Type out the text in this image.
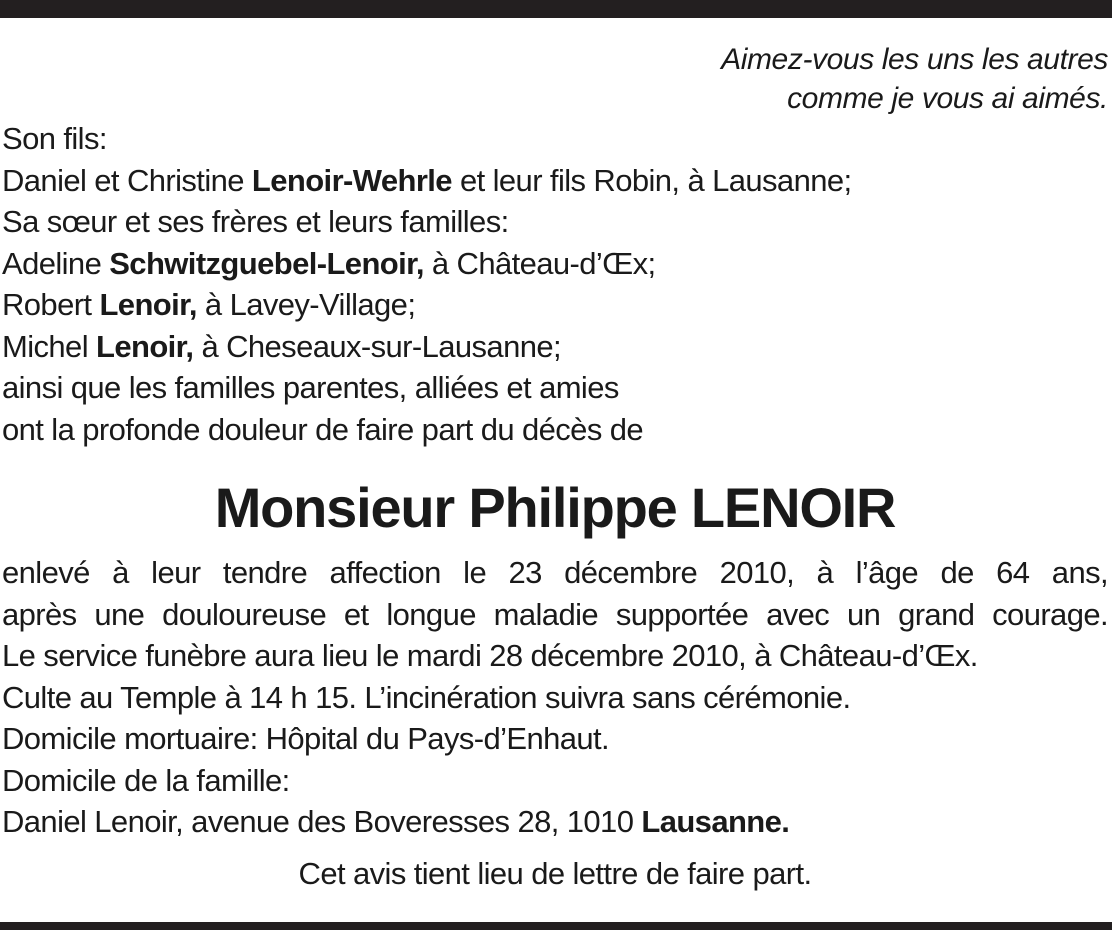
Aimez-vous les uns les autres
comme je vous ai aimés.
Son fils:
Daniel et Christine Lenoir-Wehrle et leur fils Robin, à Lausanne;
Sa sœur et ses frères et leurs familles:
Adeline Schwitzguebel-Lenoir, à Château-d’Œx;
Robert Lenoir, à Lavey-Village;
Michel Lenoir, à Cheseaux-sur-Lausanne;
ainsi que les familles parentes, alliées et amies
ont la profonde douleur de faire part du décès de
Monsieur Philippe LENOIR
enlevé à leur tendre affection le 23 décembre 2010, à l’âge de 64 ans,
après une douloureuse et longue maladie supportée avec un grand courage.
Le service funèbre aura lieu le mardi 28 décembre 2010, à Château-d’Œx.
Culte au Temple à 14 h 15. L’incinération suivra sans cérémonie.
Domicile mortuaire: Hôpital du Pays-d’Enhaut.
Domicile de la famille:
Daniel Lenoir, avenue des Boveresses 28, 1010 Lausanne.
Cet avis tient lieu de lettre de faire part.
